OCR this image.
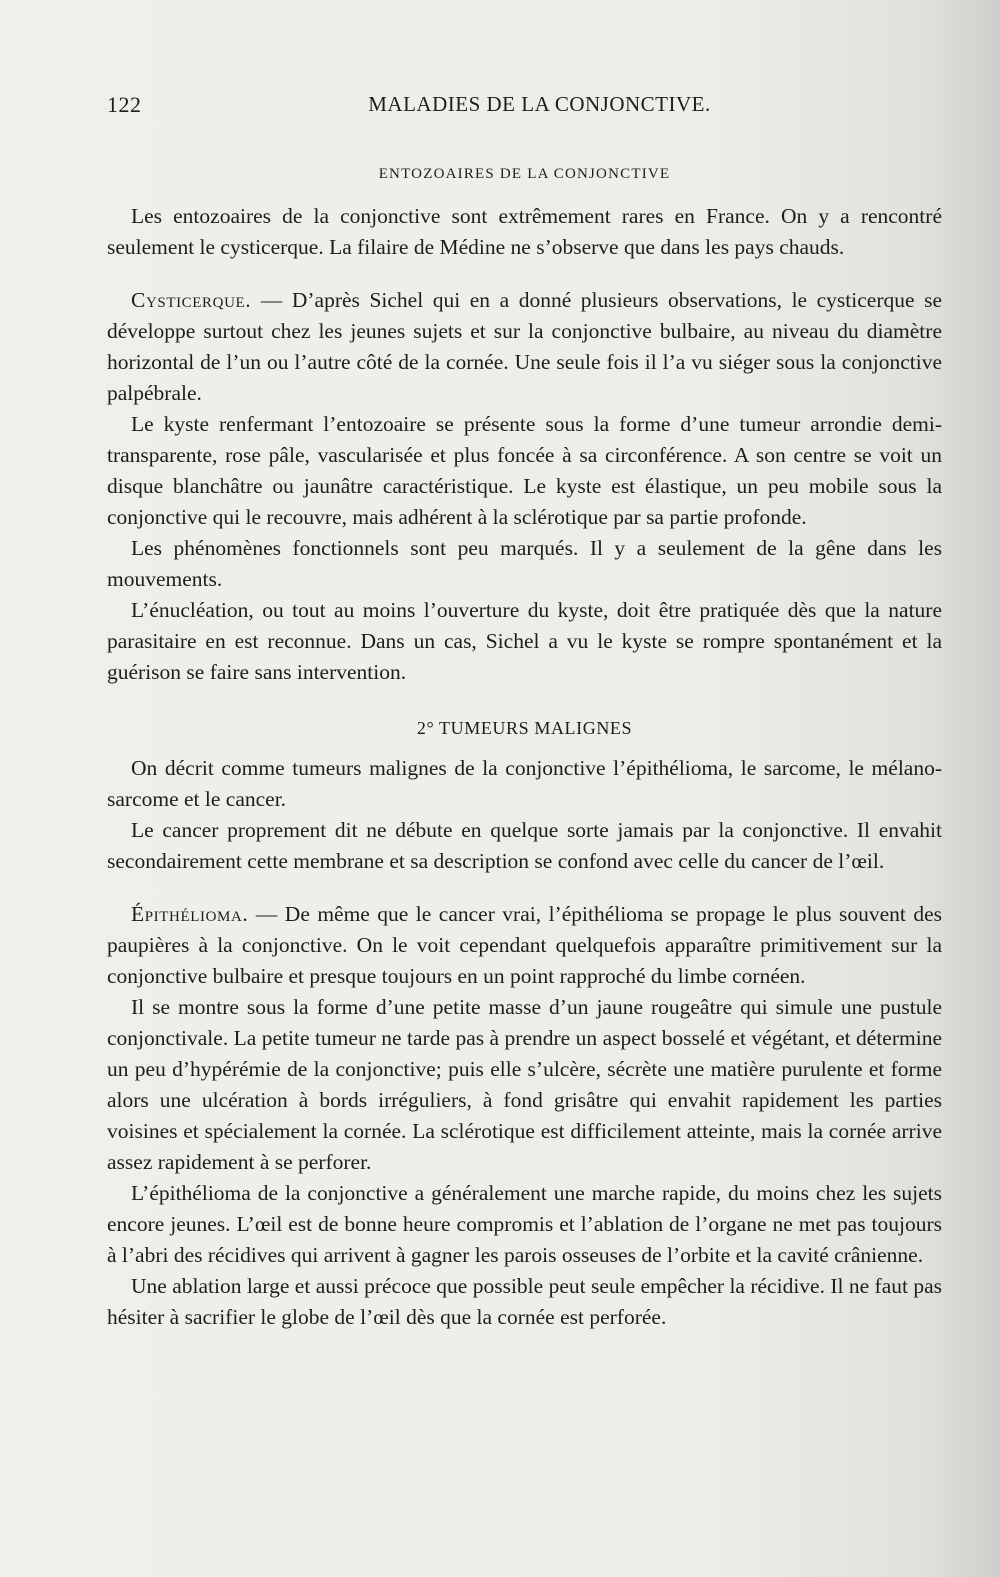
122	MALADIES DE LA CONJONCTIVE.
ENTOZOAIRES DE LA CONJONCTIVE

Les entozoaires de la conjonctive sont extrêmement rares en France. On y a rencontré seulement le cysticerque. La filaire de Médine ne s’observe que dans les pays chauds.

Cysticerque. — D’après Sichel qui en a donné plusieurs observations, le cysticerque se développe surtout chez les jeunes sujets et sur la conjonctive bulbaire, au niveau du diamètre horizontal de l’un ou l’autre côté de la cornée. Une seule fois il l’a vu siéger sous la conjonctive palpébrale.

Le kyste renfermant l’entozoaire se présente sous la forme d’une tumeur arrondie demi-transparente, rose pâle, vascularisée et plus foncée à sa circonférence. A son centre se voit un disque blanchâtre ou jaunâtre caractéristique. Le kyste est élastique, un peu mobile sous la conjonctive qui le recouvre, mais adhérent à la sclérotique par sa partie profonde.

Les phénomènes fonctionnels sont peu marqués. Il y a seulement de la gêne dans les mouvements.

L’énucléation, ou tout au moins l’ouverture du kyste, doit être pratiquée dès que la nature parasitaire en est reconnue. Dans un cas, Sichel a vu le kyste se rompre spontanément et la guérison se faire sans intervention.

2° TUMEURS MALIGNES

On décrit comme tumeurs malignes de la conjonctive l’épithélioma, le sarcome, le mélano-sarcome et le cancer.

Le cancer proprement dit ne débute en quelque sorte jamais par la conjonctive. Il envahit secondairement cette membrane et sa description se confond avec celle du cancer de l’œil.

Épithélioma. — De même que le cancer vrai, l’épithélioma se propage le plus souvent des paupières à la conjonctive. On le voit cependant quelquefois apparaître primitivement sur la conjonctive bulbaire et presque toujours en un point rapproché du limbe cornéen.

Il se montre sous la forme d’une petite masse d’un jaune rougeâtre qui simule une pustule conjonctivale. La petite tumeur ne tarde pas à prendre un aspect bosselé et végétant, et détermine un peu d’hypérémie de la conjonctive; puis elle s’ulcère, sécrète une matière purulente et forme alors une ulcération à bords irréguliers, à fond grisâtre qui envahit rapidement les parties voisines et spécialement la cornée. La sclérotique est difficilement atteinte, mais la cornée arrive assez rapidement à se perforer.

L’épithélioma de la conjonctive a généralement une marche rapide, du moins chez les sujets encore jeunes. L’œil est de bonne heure compromis et l’ablation de l’organe ne met pas toujours à l’abri des récidives qui arrivent à gagner les parois osseuses de l’orbite et la cavité crânienne.

Une ablation large et aussi précoce que possible peut seule empêcher la récidive. Il ne faut pas hésiter à sacrifier le globe de l’œil dès que la cornée est perforée.
